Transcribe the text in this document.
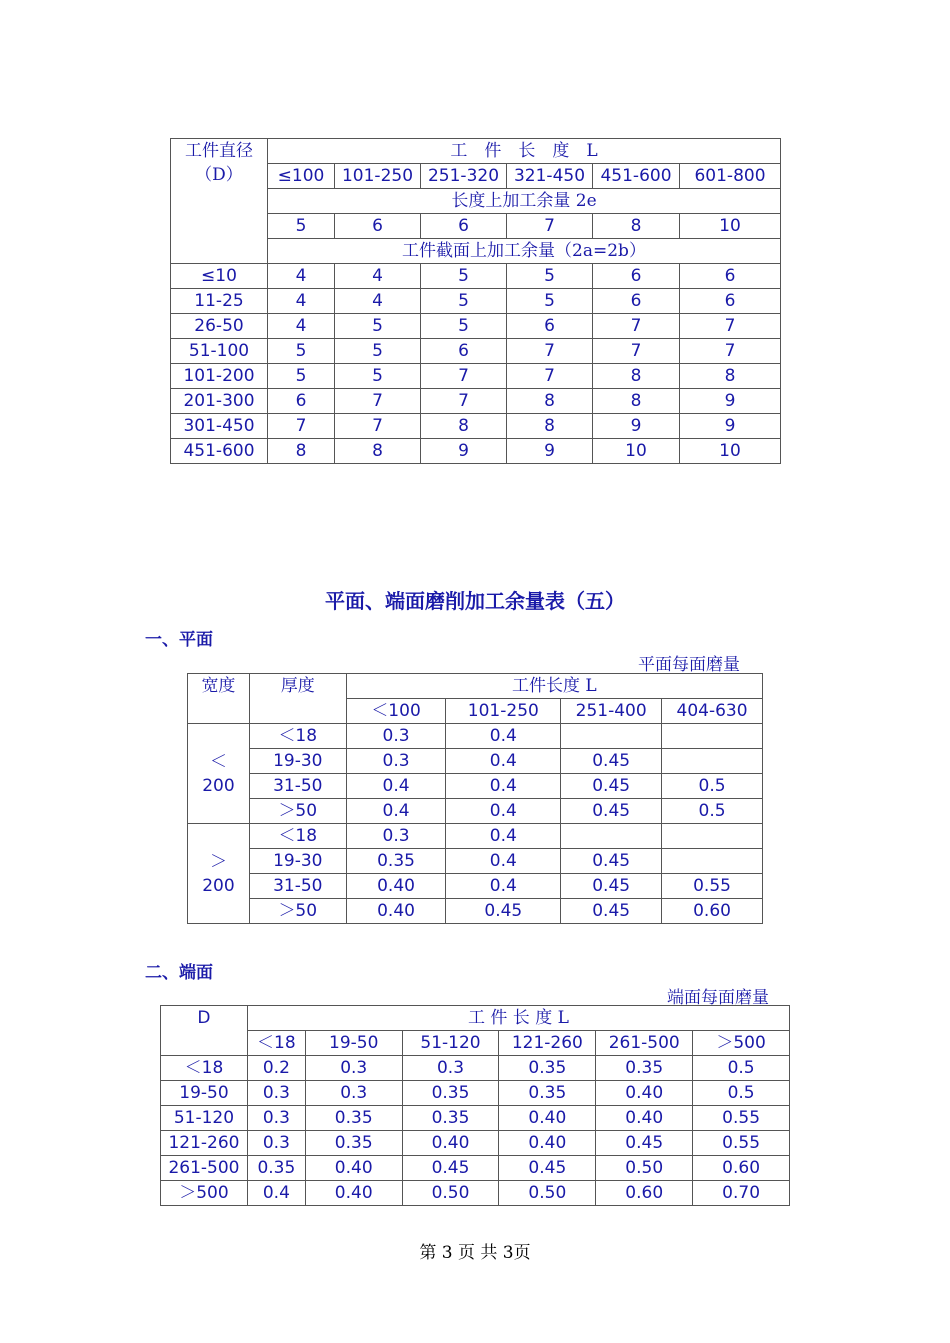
工件直径
（D）	工　件　长　度　L					
	≤100	101-250	251-320	321-450	451-600	601-800
	长度上加工余量 2e					
	5	6	6	7	8	10
	工件截面上加工余量（2a=2b）					
≤10	4	4	5	5	6	6
11-25	4	4	5	5	6	6
26-50	4	5	5	6	7	7
51-100	5	5	6	7	7	7
101-200	5	5	7	7	8	8
201-300	6	7	7	8	8	9
301-450	7	7	8	8	9	9
451-600	8	8	9	9	10	10
平面、端面磨削加工余量表（五）
一、平面
平面每面磨量
宽度	厚度	工件长度 L			
		＜100	101-250	251-400	404-630

＜
200	＜18	0.3	0.4		
	19-30	0.3	0.4	0.45	
	31-50	0.4	0.4	0.45	0.5
	＞50	0.4	0.4	0.45	0.5

＞
200	＜18	0.3	0.4		
	19-30	0.35	0.4	0.45	
	31-50	0.40	0.4	0.45	0.55
	＞50	0.40	0.45	0.45	0.60
二、端面
端面每面磨量
D	工 件 长 度 L					
	＜18	19-50	51-120	121-260	261-500	＞500
＜18	0.2	0.3	0.3	0.35	0.35	0.5
19-50	0.3	0.3	0.35	0.35	0.40	0.5
51-120	0.3	0.35	0.35	0.40	0.40	0.55
121-260	0.3	0.35	0.40	0.40	0.45	0.55
261-500	0.35	0.40	0.45	0.45	0.50	0.60
＞500	0.4	0.40	0.50	0.50	0.60	0.70
第 3 页 共 3页
